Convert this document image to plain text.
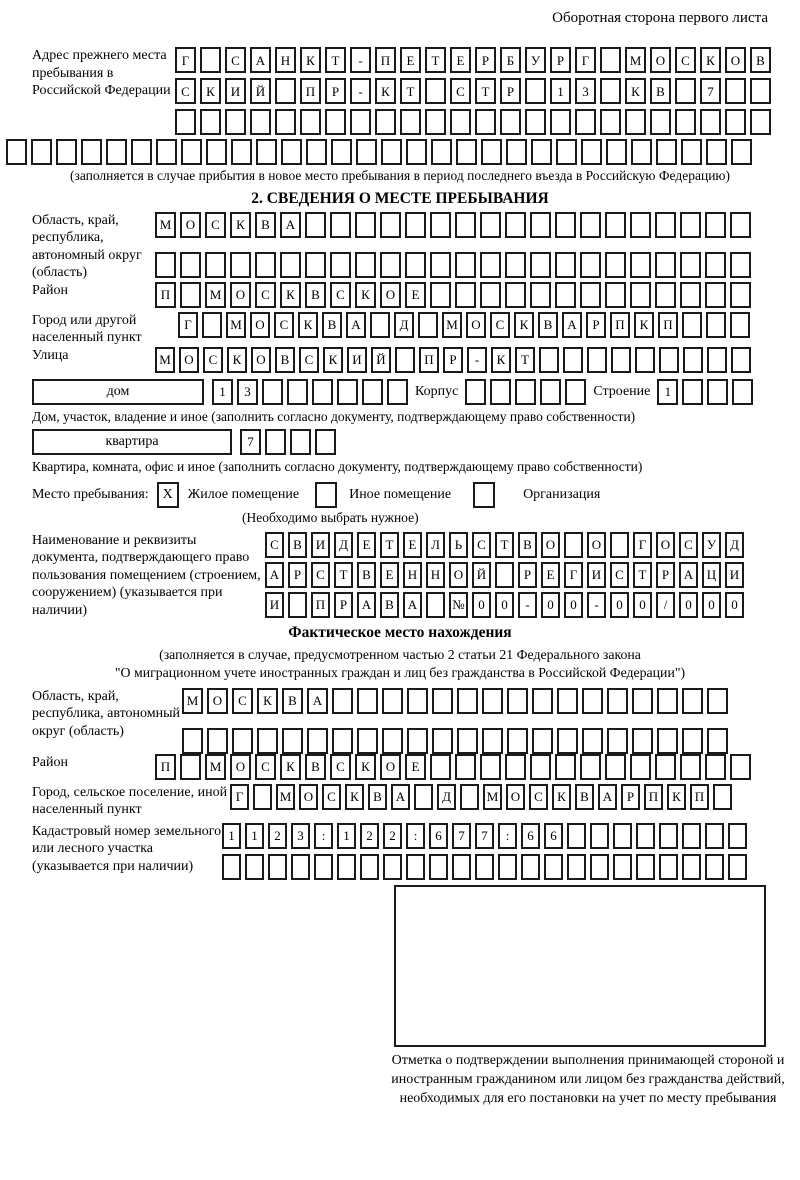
Оборотная сторона первого листа
Адрес прежнего места пребывания в Российской Федерации
Г	С	А	Н	К	Т	-	П	Е	Т	Е	Р	Б	У	Р	Г	М	О	С	К	О	В
С	К	И	Й	П	Р	-	К	Т	С	Т	Р	1	3	К	В	7
(заполняется в случае прибытия в новое место пребывания в период последнего въезда в Российскую Федерацию)
2. СВЕДЕНИЯ О МЕСТЕ ПРЕБЫВАНИЯ
Область, край, республика, автономный округ (область)
М	О	С	К	В	А
Район	П	М	О	С	К	В	С	К	О	Е
Город или другой населенный пункт
Г	М	О	С	К	В	А	Д	М	О	С	К	В	А	Р	П	К	П
Улица	М	О	С	К	О	В	С	К	И	Й	П	Р	-	К	Т
дом	1	3	Корпус	Строение	1
Дом, участок, владение и иное (заполнить согласно документу, подтверждающему право собственности)
квартира	7
Квартира, комната, офис и иное (заполнить согласно документу, подтверждающему право собственности)
Место пребывания: X Жилое помещение	Иное помещение	Организация
(Необходимо выбрать нужное)
Наименование и реквизиты документа, подтверждающего право пользования помещением (строением, сооружением) (указывается при наличии)
С	В	И	Д	Е	Т	Е	Л	Ь	С	Т	В	О	О	Г	О	С	У	Д
А	Р	С	Т	В	Е	Н	Н	О	Й	Р	Е	Г	И	С	Т	Р	А	Ц	И
И	П	Р	А	В	А	№	0	0	-	0	0	-	0	0	/	0	0	0
Фактическое место нахождения
(заполняется в случае, предусмотренном частью 2 статьи 21 Федерального закона
"О миграционном учете иностранных граждан и лиц без гражданства в Российской Федерации")
Область, край, республика, автономный округ (область)
М	О	С	К	В	А
Район	П	М	О	С	К	В	С	К	О	Е
Город, сельское поселение, иной населенный пункт
Г	М О	С	К	В	А	Д	М О	С	К	В	А	Р	П	К	П
Кадастровый номер земельного или лесного участка (указывается при наличии)
1	1	2	3	:	1	2	2	:	6	7	7	:	6	6
Отметка о подтверждении выполнения принимающей стороной и иностранным гражданином или лицом без гражданства действий, необходимых для его постановки на учет по месту пребывания
